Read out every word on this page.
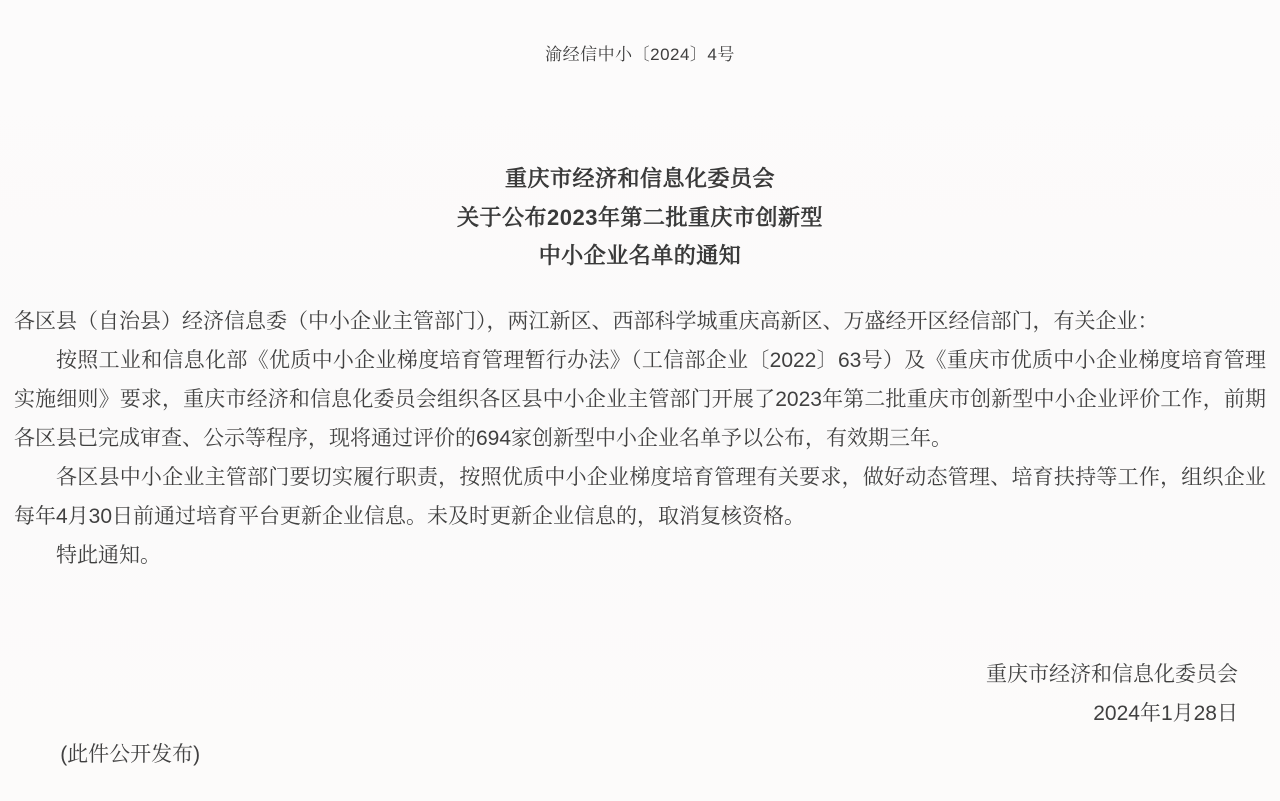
渝经信中小〔2024〕4号
重庆市经济和信息化委员会
关于公布2023年第二批重庆市创新型
中小企业名单的通知

各区县（自治县）经济信息委（中小企业主管部门），两江新区、西部科学城重庆高新区、万盛经开区经信部门，有关企业：

按照工业和信息化部《优质中小企业梯度培育管理暂行办法》（工信部企业〔2022〕63号）及《重庆市优质中小企业梯度培育管理实施细则》要求，重庆市经济和信息化委员会组织各区县中小企业主管部门开展了2023年第二批重庆市创新型中小企业评价工作，前期各区县已完成审查、公示等程序，现将通过评价的694家创新型中小企业名单予以公布，有效期三年。

各区县中小企业主管部门要切实履行职责，按照优质中小企业梯度培育管理有关要求，做好动态管理、培育扶持等工作，组织企业每年4月30日前通过培育平台更新企业信息。未及时更新企业信息的，取消复核资格。

特此通知。

重庆市经济和信息化委员会
2024年1月28日
(此件公开发布)
